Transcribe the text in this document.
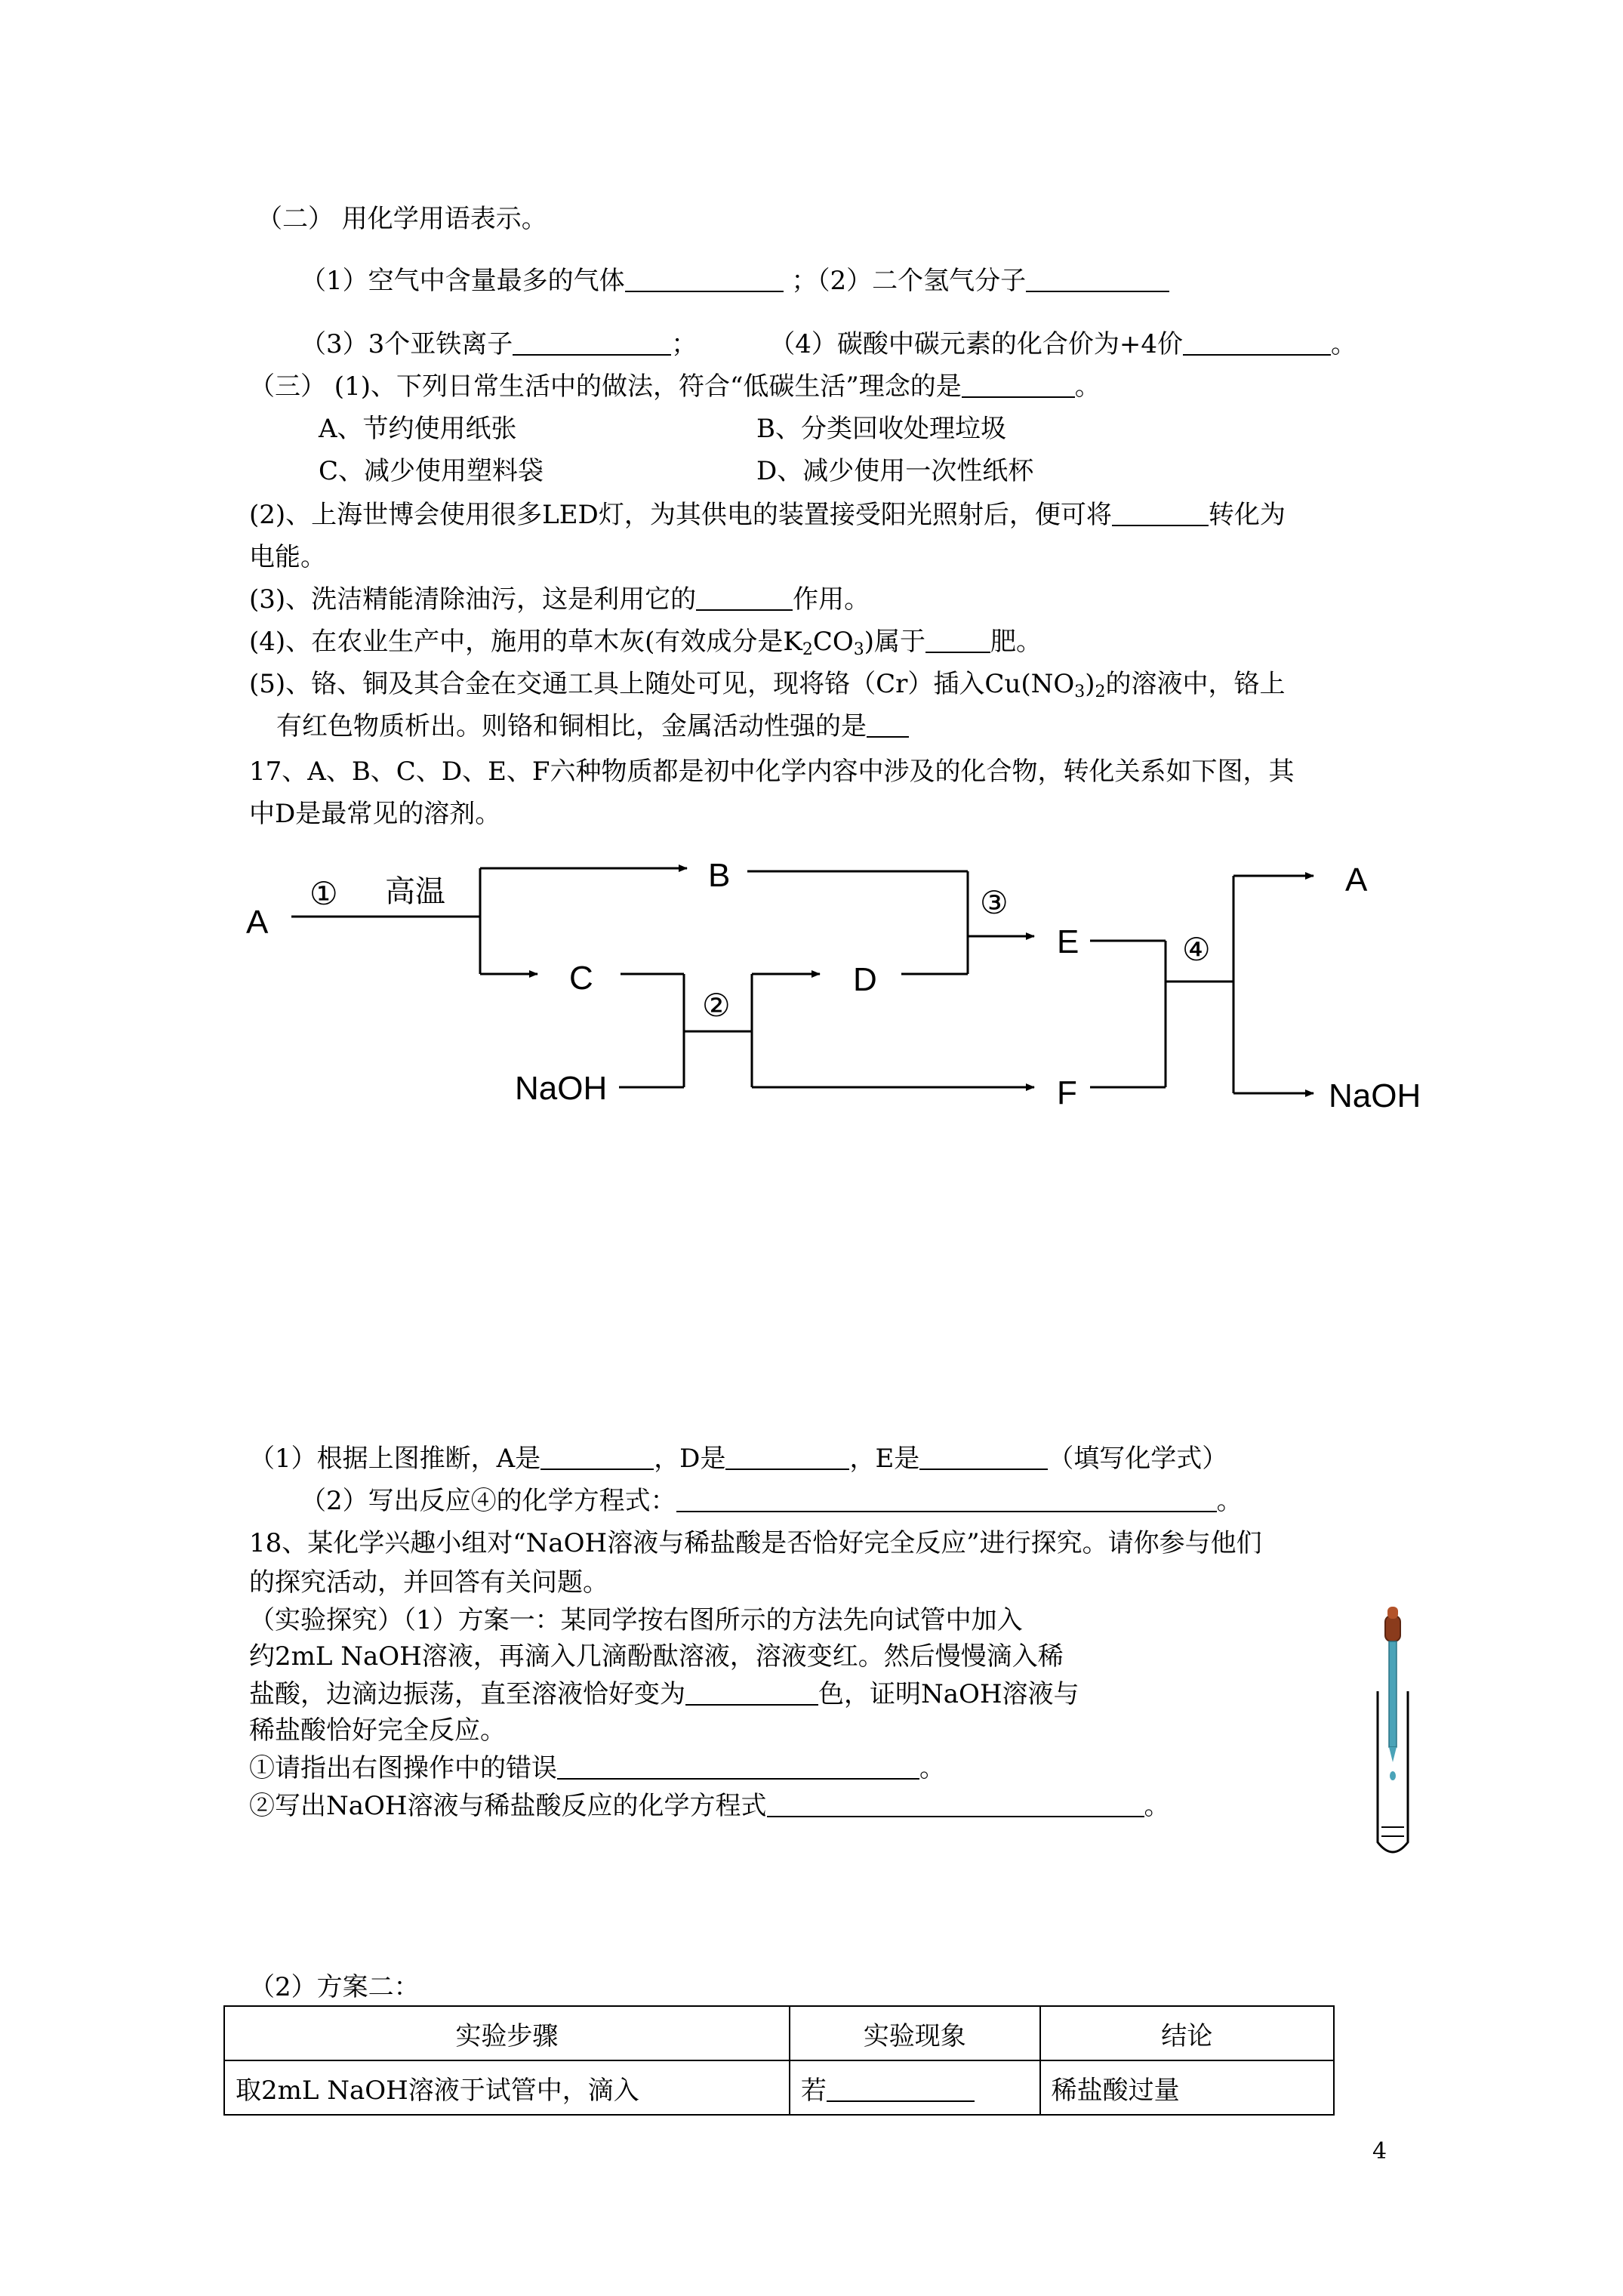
（二） 用化学用语表示。
（1）空气中含量最多的气体	；（2）二个氢气分子
（3）3个亚铁离子	；	（4）碳酸中碳元素的化合价为+4价	。
（三） (1)、下列日常生活中的做法，符合“低碳生活”理念的是	。
A、节约使用纸张	B、分类回收处理垃圾
C、减少使用塑料袋	D、减少使用一次性纸杯
(2)、上海世博会使用很多LED灯，为其供电的装置接受阳光照射后，便可将	转化为
电能。
(3)、洗洁精能清除油污，这是利用它的	作用。
(4)、在农业生产中，施用的草木灰(有效成分是$K_2CO_3$)属于	肥。
(5)、铬、铜及其合金在交通工具上随处可见，现将铬（Cr）插入$Cu(NO_3)_2$的溶液中，铬上
有红色物质析出。则铬和铜相比，金属活动性强的是
17、A、B、C、D、E、F六种物质都是初中化学内容中涉及的化合物，转化关系如下图，其
中D是最常见的溶剂。
A
B
C	D
E
F
A
NaOH	NaOH
①
②
③
④
高温
（1）根据上图推断，A是	，D是	，E是	（填写化学式）
（2）写出反应④的化学方程式：	。
18、某化学兴趣小组对“NaOH溶液与稀盐酸是否恰好完全反应”进行探究。请你参与他们
的探究活动，并回答有关问题。
（实验探究）（1）方案一：某同学按右图所示的方法先向试管中加入
约2mL NaOH溶液，再滴入几滴酚酞溶液，溶液变红。然后慢慢滴入稀
盐酸，边滴边振荡，直至溶液恰好变为	色，证明NaOH溶液与
稀盐酸恰好完全反应。
①请指出右图操作中的错误	。
②写出NaOH溶液与稀盐酸反应的化学方程式	。
（2）方案二：
实验步骤	实验现象	结论
取2mL NaOH溶液于试管中，滴入	若	稀盐酸过量
4
